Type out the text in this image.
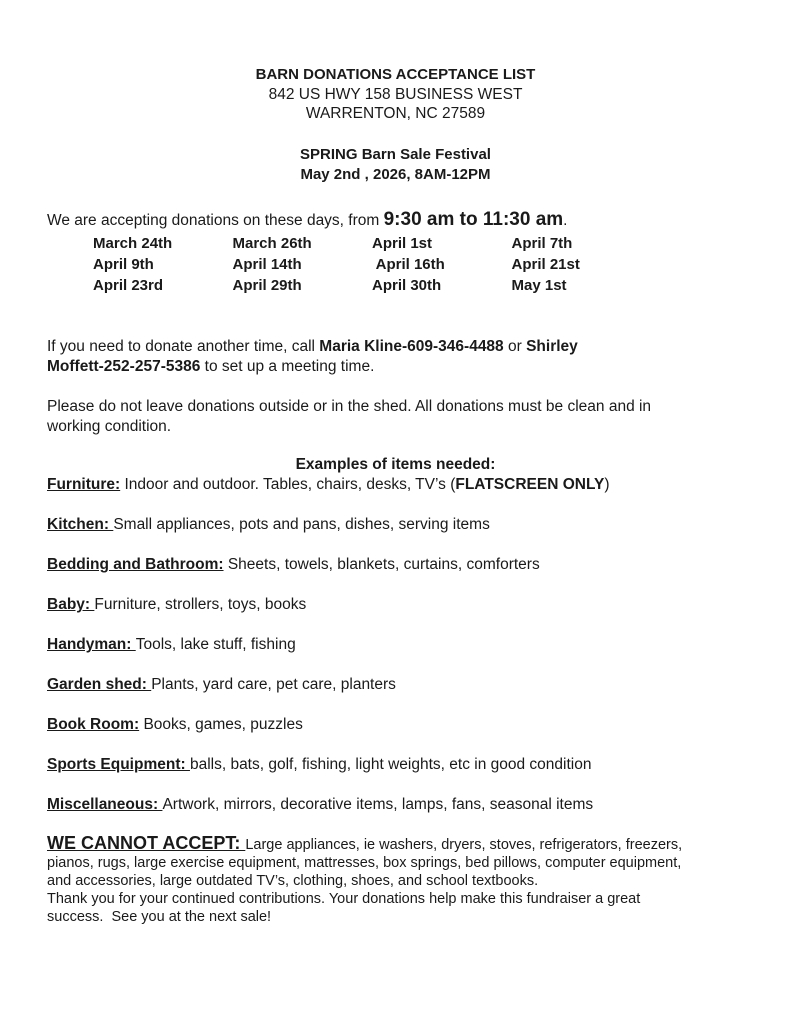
BARN DONATIONS ACCEPTANCE LIST
842 US HWY 158 BUSINESS WEST
WARRENTON, NC 27589
SPRING Barn Sale Festival
May 2nd , 2026, 8AM-12PM
We are accepting donations on these days, from 9:30 am to 11:30 am.
March 24th	March 26th	April 1st	April 7th
April 9th	April 14th	April 16th	April 21st
April 23rd	April 29th	April 30th	May 1st
If you need to donate another time, call Maria Kline-609-346-4488 or Shirley
Moffett-252-257-5386 to set up a meeting time.
Please do not leave donations outside or in the shed. All donations must be clean and in
working condition.
Examples of items needed:
Furniture: Indoor and outdoor. Tables, chairs, desks, TV’s (FLATSCREEN ONLY)
Kitchen: Small appliances, pots and pans, dishes, serving items
Bedding and Bathroom: Sheets, towels, blankets, curtains, comforters
Baby: Furniture, strollers, toys, books
Handyman: Tools, lake stuff, fishing
Garden shed: Plants, yard care, pet care, planters
Book Room: Books, games, puzzles
Sports Equipment: balls, bats, golf, fishing, light weights, etc in good condition
Miscellaneous: Artwork, mirrors, decorative items, lamps, fans, seasonal items
WE CANNOT ACCEPT: Large appliances, ie washers, dryers, stoves, refrigerators, freezers,
pianos, rugs, large exercise equipment, mattresses, box springs, bed pillows, computer equipment,
and accessories, large outdated TV’s, clothing, shoes, and school textbooks.
Thank you for your continued contributions. Your donations help make this fundraiser a great
success.  See you at the next sale!
